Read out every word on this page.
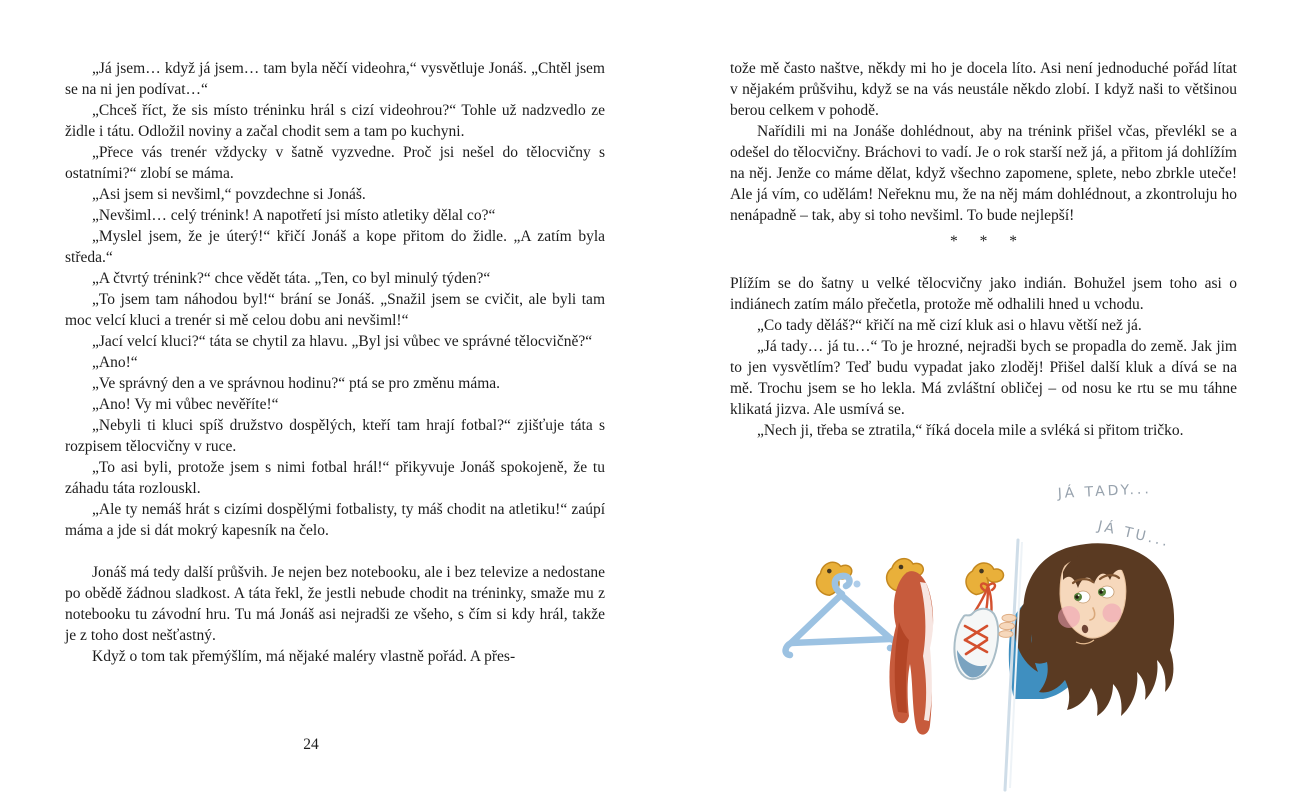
„Já jsem… když já jsem… tam byla něčí videohra,“ vysvětluje Jonáš. „Chtěl jsem se na ni jen podívat…“

„Chceš říct, že sis místo tréninku hrál s cizí videohrou?“ Tohle už nadzvedlo ze židle i tátu. Odložil noviny a začal chodit sem a tam po kuchyni.

„Přece vás trenér vždycky v šatně vyzvedne. Proč jsi nešel do tělocvičny s ostatními?“ zlobí se máma.

„Asi jsem si nevšiml,“ povzdechne si Jonáš.

„Nevšiml… celý trénink! A napotřetí jsi místo atletiky dělal co?“

„Myslel jsem, že je úterý!“ křičí Jonáš a kope přitom do židle. „A zatím byla středa.“

„A čtvrtý trénink?“ chce vědět táta. „Ten, co byl minulý týden?“

„To jsem tam náhodou byl!“ brání se Jonáš. „Snažil jsem se cvičit, ale byli tam moc velcí kluci a trenér si mě celou dobu ani nevšiml!“

„Jací velcí kluci?“ táta se chytil za hlavu. „Byl jsi vůbec ve správné tělocvičně?“

„Ano!“

„Ve správný den a ve správnou hodinu?“ ptá se pro změnu máma.

„Ano! Vy mi vůbec nevěříte!“

„Nebyli ti kluci spíš družstvo dospělých, kteří tam hrají fotbal?“ zjišťuje táta s rozpisem tělocvičny v ruce.

„To asi byli, protože jsem s nimi fotbal hrál!“ přikyvuje Jonáš spokojeně, že tu záhadu táta rozlouskl.

„Ale ty nemáš hrát s cizími dospělými fotbalisty, ty máš chodit na atletiku!“ zaúpí máma a jde si dát mokrý kapesník na čelo.

Jonáš má tedy další průšvih. Je nejen bez notebooku, ale i bez televize a nedostane po obědě žádnou sladkost. A táta řekl, že jestli nebude chodit na tréninky, smaže mu z notebooku tu závodní hru. Tu má Jonáš asi nejradši ze všeho, s čím si kdy hrál, takže je z toho dost nešťastný.

Když o tom tak přemýšlím, má nějaké maléry vlastně pořád. A přes-

24

tože mě často naštve, někdy mi ho je docela líto. Asi není jednoduché pořád lítat v nějakém průšvihu, když se na vás neustále někdo zlobí. I když naši to většinou berou celkem v pohodě.

Nařídili mi na Jonáše dohlédnout, aby na trénink přišel včas, převlékl se a odešel do tělocvičny. Bráchovi to vadí. Je o rok starší než já, a přitom já dohlížím na něj. Jenže co máme dělat, když všechno zapomene, splete, nebo zbrkle uteče! Ale já vím, co udělám! Neřeknu mu, že na něj mám dohlédnout, a zkontroluju ho nenápadně – tak, aby si toho nevšiml. To bude nejlepší!

* * *

Plížím se do šatny u velké tělocvičny jako indián. Bohužel jsem toho asi o indiánech zatím málo přečetla, protože mě odhalili hned u vchodu.

„Co tady děláš?“ křičí na mě cizí kluk asi o hlavu větší než já.

„Já tady… já tu…“ To je hrozné, nejradši bych se propadla do země. Jak jim to jen vysvětlím? Teď budu vypadat jako zloděj! Přišel další kluk a dívá se na mě. Trochu jsem se ho lekla. Má zvláštní obličej – od nosu ke rtu se mu táhne klikatá jizva. Ale usmívá se.

„Nech ji, třeba se ztratila,“ říká docela mile a svléká si přitom tričko.

JÁ TADY...
JÁ TU...
